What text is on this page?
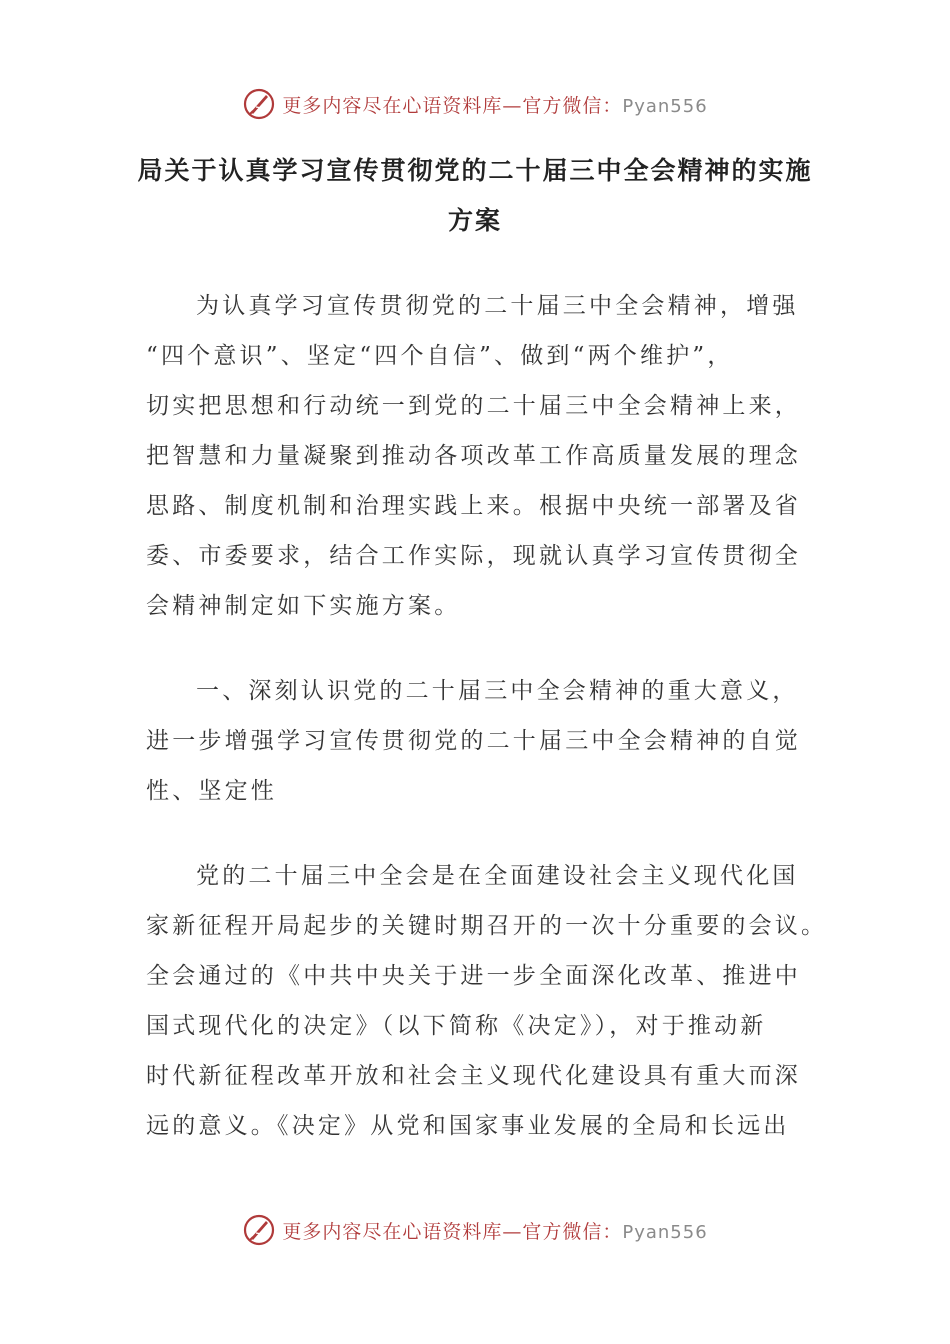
更多内容尽在心语资料库—官方微信：Pyan556
局关于认真学习宣传贯彻党的二十届三中全会精神的实施
方案
为认真学习宣传贯彻党的二十届三中全会精神，增强
“四个意识”、坚定“四个自信”、做到“两个维护”，
切实把思想和行动统一到党的二十届三中全会精神上来，
把智慧和力量凝聚到推动各项改革工作高质量发展的理念
思路、制度机制和治理实践上来。根据中央统一部署及省
委、市委要求，结合工作实际，现就认真学习宣传贯彻全
会精神制定如下实施方案。
一、深刻认识党的二十届三中全会精神的重大意义，
进一步增强学习宣传贯彻党的二十届三中全会精神的自觉
性、坚定性
党的二十届三中全会是在全面建设社会主义现代化国
家新征程开局起步的关键时期召开的一次十分重要的会议。
全会通过的《中共中央关于进一步全面深化改革、推进中
国式现代化的决定》（以下简称《决定》），对于推动新
时代新征程改革开放和社会主义现代化建设具有重大而深
远的意义。《决定》从党和国家事业发展的全局和长远出
更多内容尽在心语资料库—官方微信：Pyan556
